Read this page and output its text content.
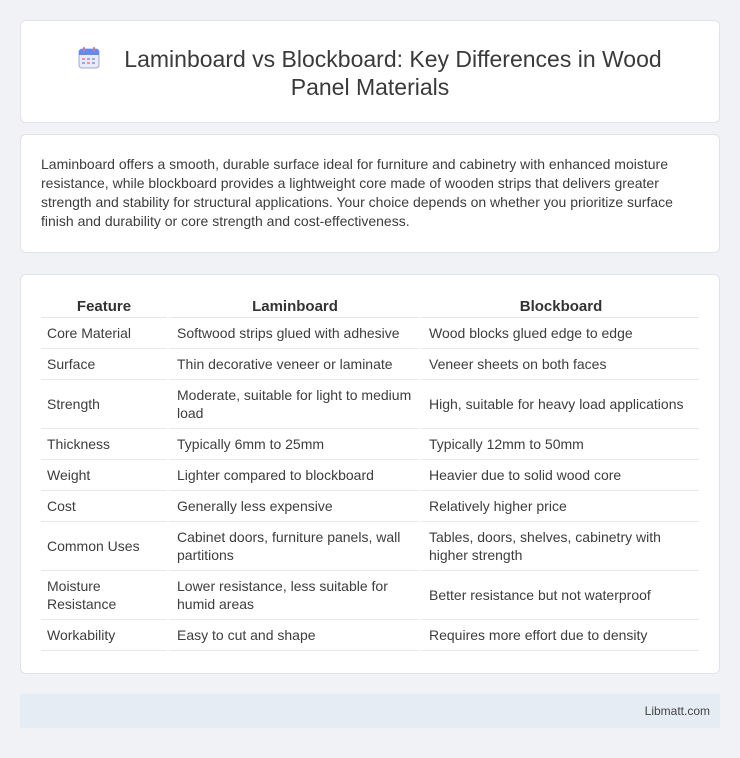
Laminboard vs Blockboard: Key Differences in Wood Panel Materials

Laminboard offers a smooth, durable surface ideal for furniture and cabinetry with enhanced moisture resistance, while blockboard provides a lightweight core made of wooden strips that delivers greater strength and stability for structural applications. Your choice depends on whether you prioritize surface finish and durability or core strength and cost-effectiveness.

Feature	Laminboard	Blockboard
Core Material	Softwood strips glued with adhesive	Wood blocks glued edge to edge
Surface	Thin decorative veneer or laminate	Veneer sheets on both faces
Strength	Moderate, suitable for light to medium load	High, suitable for heavy load applications
Thickness	Typically 6mm to 25mm	Typically 12mm to 50mm
Weight	Lighter compared to blockboard	Heavier due to solid wood core
Cost	Generally less expensive	Relatively higher price
Common Uses	Cabinet doors, furniture panels, wall partitions	Tables, doors, shelves, cabinetry with higher strength
Moisture Resistance	Lower resistance, less suitable for humid areas	Better resistance but not waterproof
Workability	Easy to cut and shape	Requires more effort due to density
Libmatt.com
